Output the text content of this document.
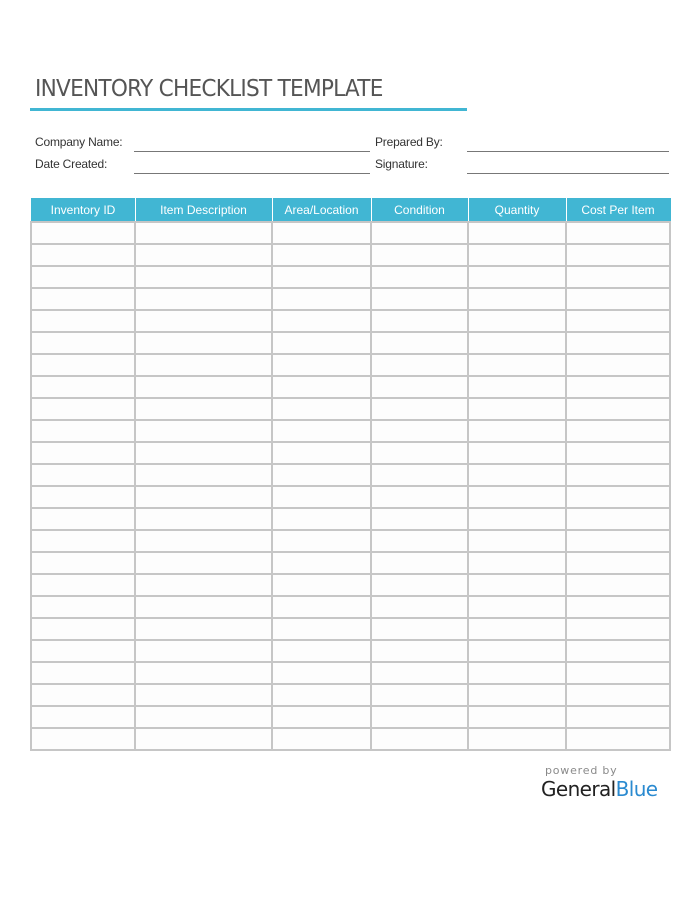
INVENTORY CHECKLIST TEMPLATE
Company Name:
Date Created:
Prepared By:
Signature:
Inventory ID	Item Description	Area/Location	Condition	Quantity	Cost Per Item

powered by
GeneralBlue
